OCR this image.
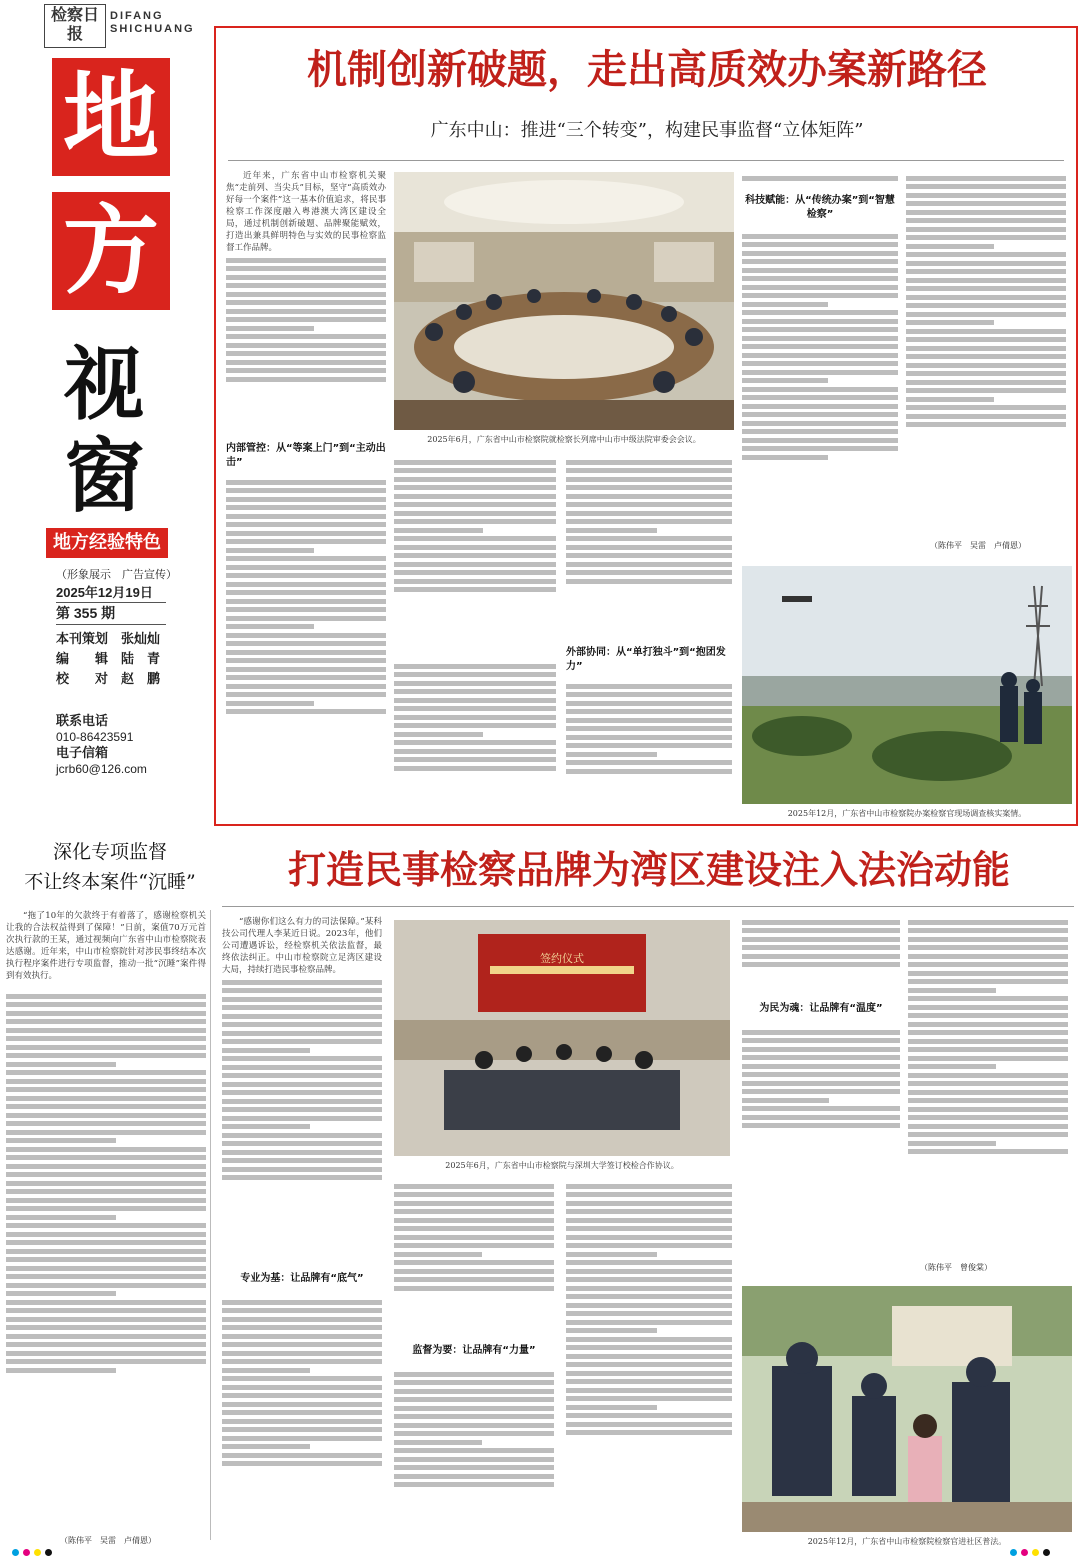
检察日报
DIFANG
SHICHUANG
地
方
视
窗
地方经验特色
（形象展示　广告宣传）
2025年12月19日
第 355 期
本刊策划　张灿灿
编　　辑　陆　青
校　　对　赵　鹏
联系电话
010-86423591
电子信箱
jcrb60@126.com
深化专项监督
不让终本案件“沉睡”
“拖了10年的欠款终于有着落了，感谢检察机关让我的合法权益得到了保障！”日前，案值70万元首次执行款的王某，通过视频向广东省中山市检察院表达感谢。近年来，中山市检察院针对涉民事终结本次执行程序案件进行专项监督，推动一批“沉睡”案件得到有效执行。
（陈伟平　吴雷　卢倩恩）
机制创新破题，走出高质效办案新路径
广东中山：推进“三个转变”，构建民事监督“立体矩阵”
近年来，广东省中山市检察机关聚焦“走前列、当尖兵”目标，坚守“高质效办好每一个案件”这一基本价值追求，将民事检察工作深度融入粤港澳大湾区建设全局，通过机制创新破题、品牌聚能赋效，打造出兼具鲜明特色与实效的民事检察监督工作品牌。
内部管控：从“等案上门”到“主动出击”
2025年6月，广东省中山市检察院就检察长列席中山市中级法院审委会会议。
外部协同：从“单打独斗”到“抱团发力”
科技赋能：从“传统办案”到“智慧检察”
（陈伟平　吴雷　卢倩恩）
2025年12月，广东省中山市检察院办案检察官现场调查核实案情。
打造民事检察品牌为湾区建设注入法治动能
“感谢你们这么有力的司法保障。”某科技公司代理人李某近日说。2023年，他们公司遭遇诉讼，经检察机关依法监督，最终依法纠正。中山市检察院立足湾区建设大局，持续打造民事检察品牌。
专业为基：让品牌有“底气”
签约仪式
2025年6月，广东省中山市检察院与深圳大学签订校检合作协议。
监督为要：让品牌有“力量”
为民为魂：让品牌有“温度”
（陈伟平　曾俊棠）
2025年12月，广东省中山市检察院检察官进社区普法。
